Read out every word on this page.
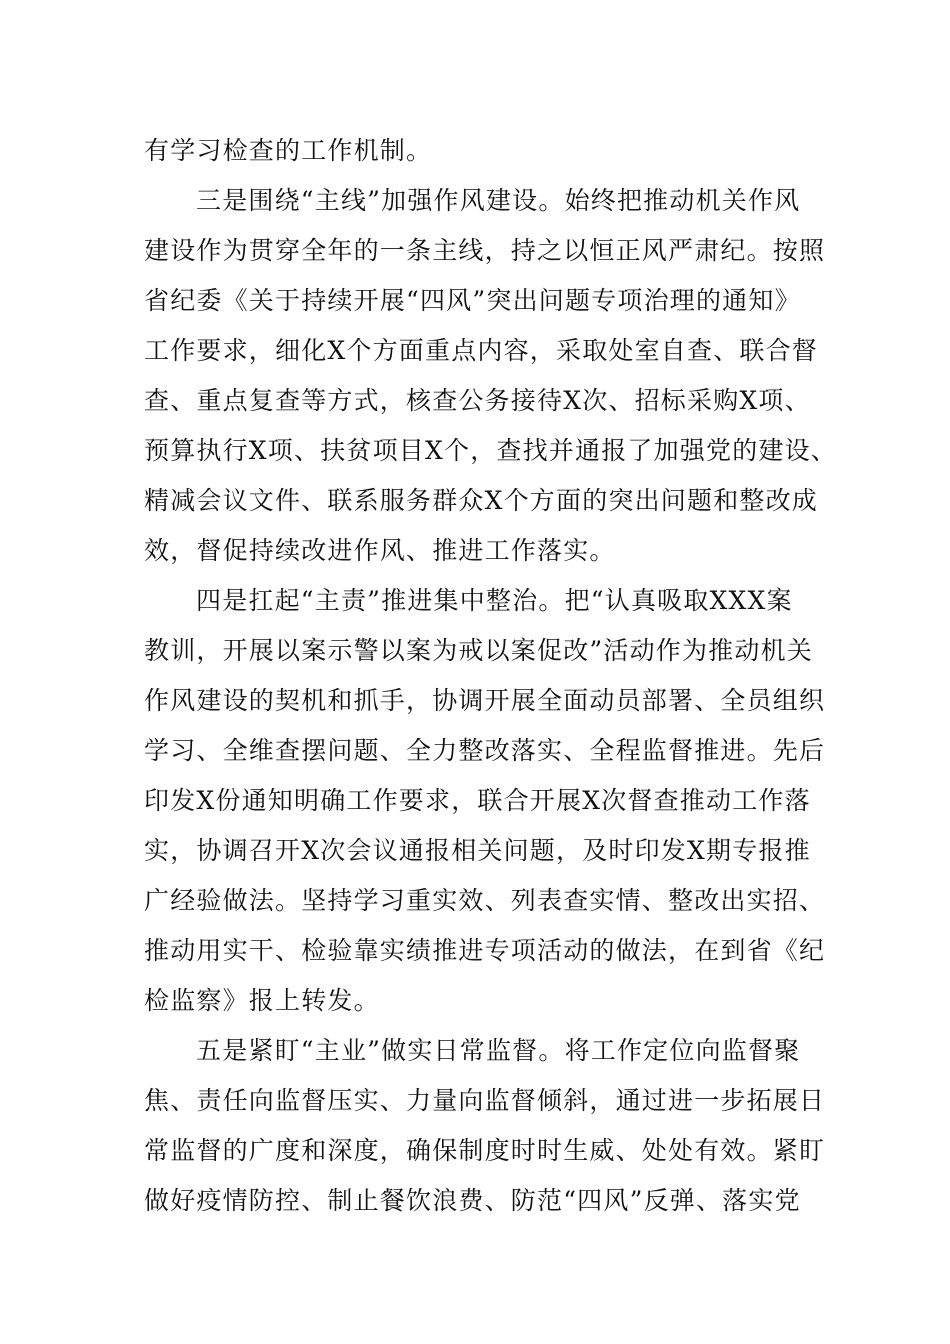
有学习检查的工作机制。
三是围绕“主线”加强作风建设。始终把推动机关作风
建设作为贯穿全年的一条主线，持之以恒正风严肃纪。按照
省纪委《关于持续开展“四风”突出问题专项治理的通知》
工作要求，细化X个方面重点内容，采取处室自查、联合督
查、重点复查等方式，核查公务接待X次、招标采购X项、
预算执行X项、扶贫项目X个，查找并通报了加强党的建设、
精减会议文件、联系服务群众X个方面的突出问题和整改成
效，督促持续改进作风、推进工作落实。
四是扛起“主责”推进集中整治。把“认真吸取XXX案
教训，开展以案示警以案为戒以案促改”活动作为推动机关
作风建设的契机和抓手，协调开展全面动员部署、全员组织
学习、全维查摆问题、全力整改落实、全程监督推进。先后
印发X份通知明确工作要求，联合开展X次督查推动工作落
实，协调召开X次会议通报相关问题，及时印发X期专报推
广经验做法。坚持学习重实效、列表查实情、整改出实招、
推动用实干、检验靠实绩推进专项活动的做法，在到省《纪
检监察》报上转发。
五是紧盯“主业”做实日常监督。将工作定位向监督聚
焦、责任向监督压实、力量向监督倾斜，通过进一步拓展日
常监督的广度和深度，确保制度时时生威、处处有效。紧盯
做好疫情防控、制止餐饮浪费、防范“四风”反弹、落实党
